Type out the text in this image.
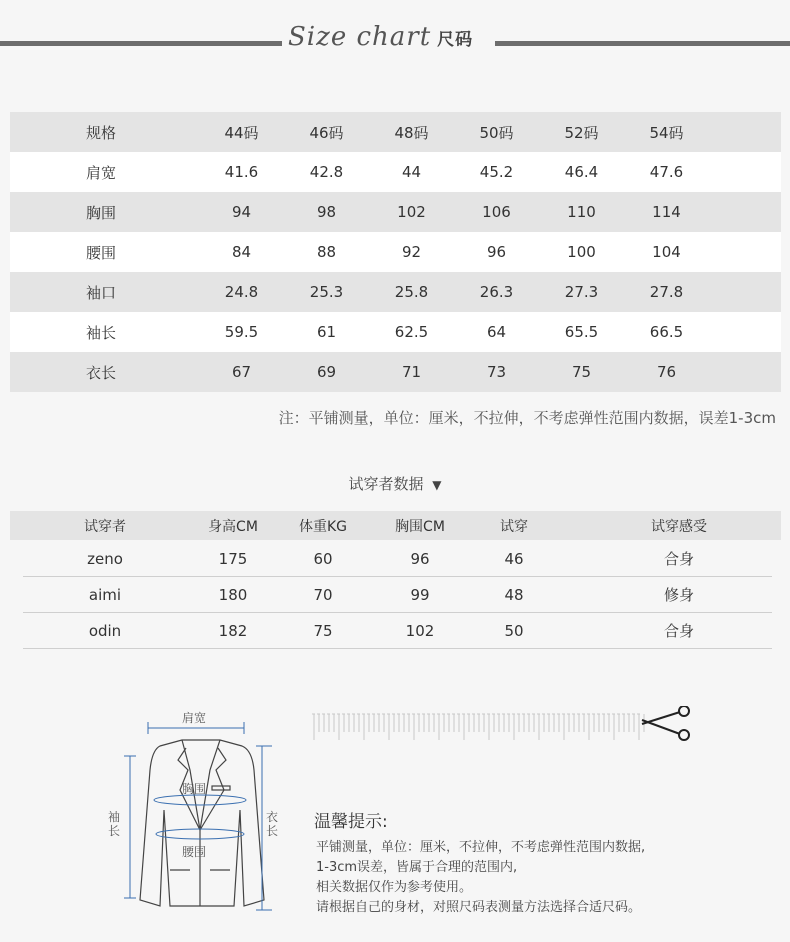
Size chart 尺码
规格	44码	46码	48码	50码	52码	54码	
肩宽	41.6	42.8	44	45.2	46.4	47.6	
胸围	94	98	102	106	110	114	
腰围	84	88	92	96	100	104	
袖口	24.8	25.3	25.8	26.3	27.3	27.8	
袖长	59.5	61	62.5	64	65.5	66.5	
衣长	67	69	71	73	75	76	
注：平铺测量，单位：厘米，不拉伸，不考虑弹性范围内数据，误差1-3cm
试穿者数据 ▼
试穿者	身高CM	体重KG	胸围CM	试穿	试穿感受
zeno	175	60	96	46	合身
aimi	180	70	99	48	修身
odin	182	75	102	50	合身
肩宽
胸围
腰围
袖长
衣长 温馨提示:
平铺测量，单位：厘米，不拉伸，不考虑弹性范围内数据,
1-3cm误差，皆属于合理的范围内,
相关数据仅作为参考使用。
请根据自己的身材，对照尺码表测量方法选择合适尺码。
